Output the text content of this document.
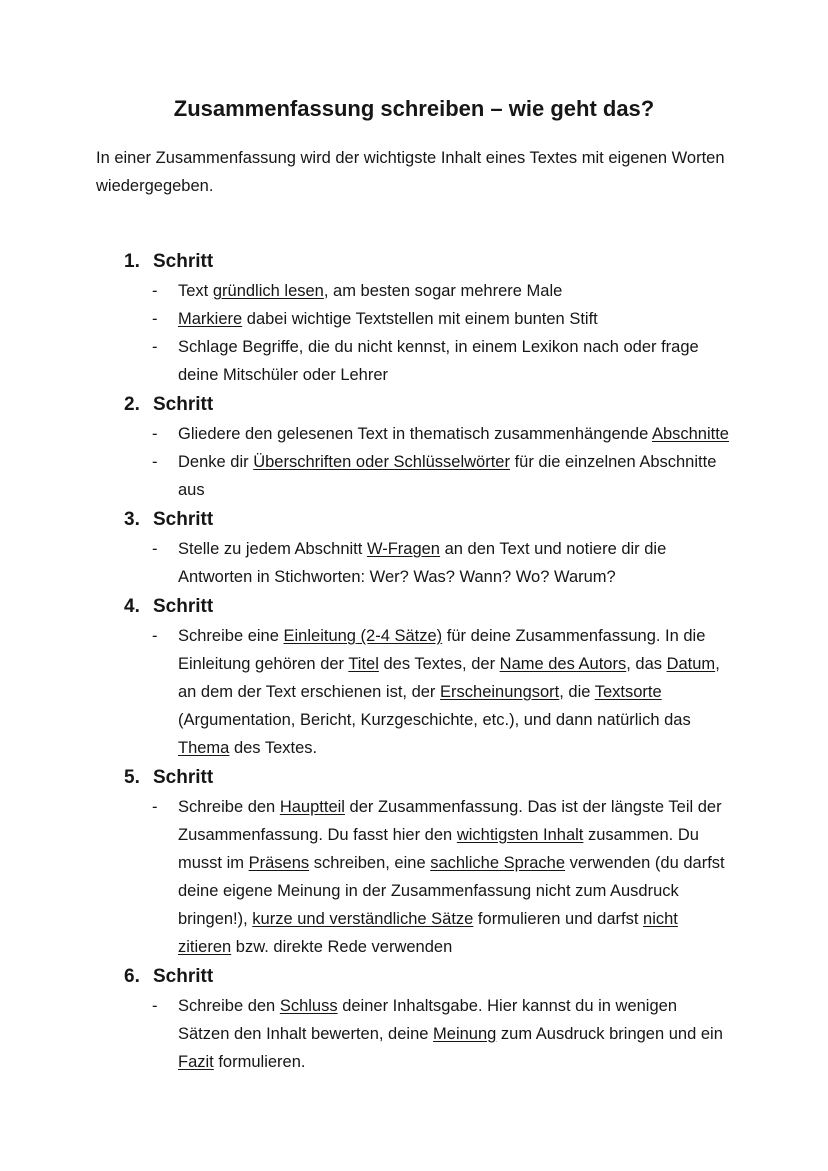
Zusammenfassung schreiben – wie geht das?

In einer Zusammenfassung wird der wichtigste Inhalt eines Textes mit eigenen Worten wiedergegeben.

1. Schritt
-	Text gründlich lesen, am besten sogar mehrere Male
-	Markiere dabei wichtige Textstellen mit einem bunten Stift
-	Schlage Begriffe, die du nicht kennst, in einem Lexikon nach oder frage deine Mitschüler oder Lehrer
2. Schritt
-	Gliedere den gelesenen Text in thematisch zusammenhängende Abschnitte
-	Denke dir Überschriften oder Schlüsselwörter für die einzelnen Abschnitte aus
3. Schritt
-	Stelle zu jedem Abschnitt W-Fragen an den Text und notiere dir die Antworten in Stichworten: Wer? Was? Wann? Wo? Warum?
4. Schritt
-	Schreibe eine Einleitung (2-4 Sätze) für deine Zusammenfassung. In die Einleitung gehören der Titel des Textes, der Name des Autors, das Datum, an dem der Text erschienen ist, der Erscheinungsort, die Textsorte (Argumentation, Bericht, Kurzgeschichte, etc.), und dann natürlich das Thema des Textes.
5. Schritt
-	Schreibe den Hauptteil der Zusammenfassung. Das ist der längste Teil der Zusammenfassung. Du fasst hier den wichtigsten Inhalt zusammen. Du musst im Präsens schreiben, eine sachliche Sprache verwenden (du darfst deine eigene Meinung in der Zusammenfassung nicht zum Ausdruck bringen!), kurze und verständliche Sätze formulieren und darfst nicht zitieren bzw. direkte Rede verwenden
6. Schritt
-	Schreibe den Schluss deiner Inhaltsgabe. Hier kannst du in wenigen Sätzen den Inhalt bewerten, deine Meinung zum Ausdruck bringen und ein Fazit formulieren.
